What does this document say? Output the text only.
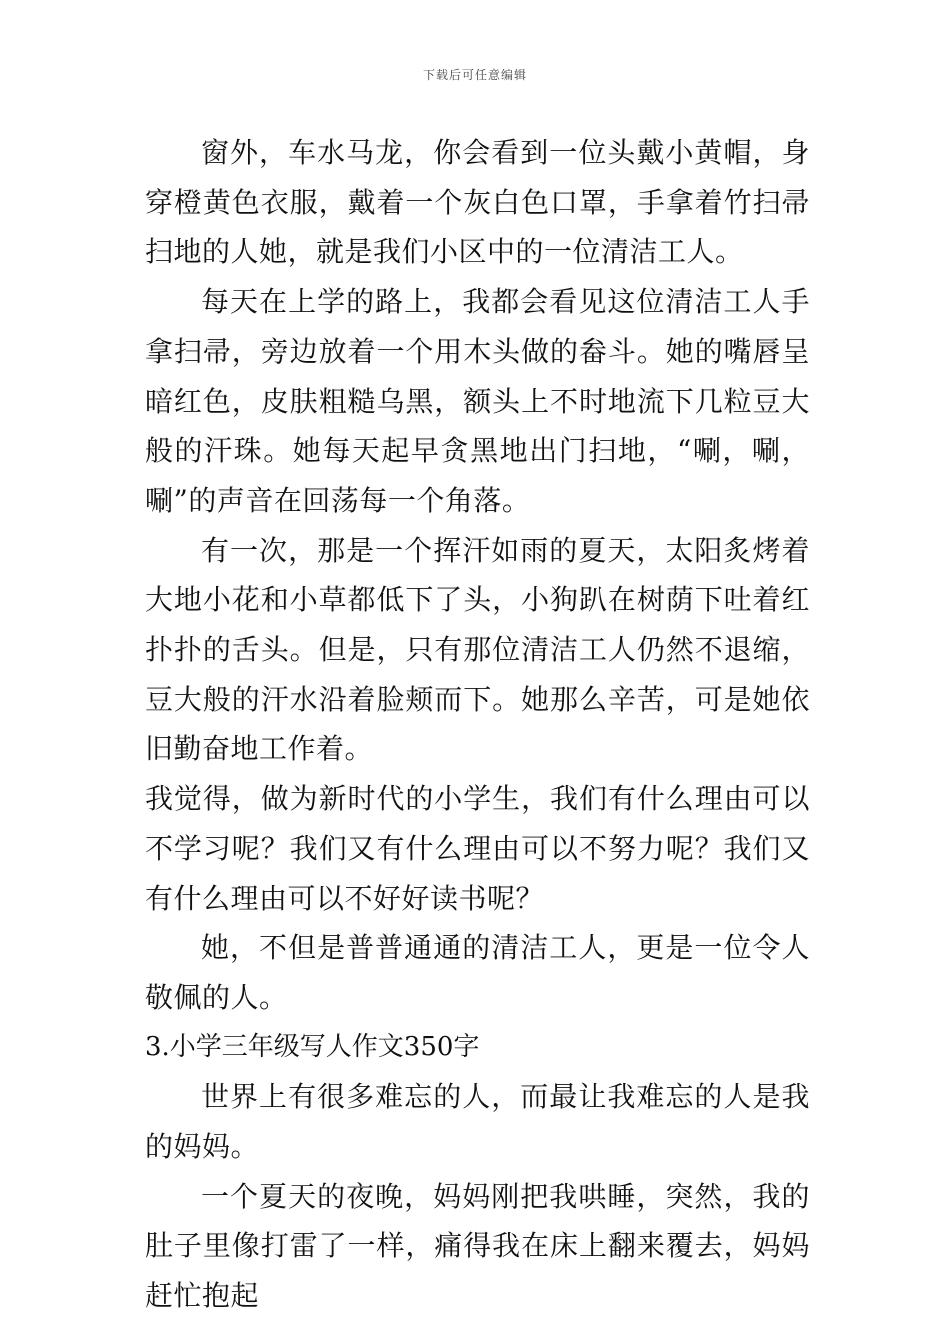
下载后可任意编辑

窗外，车水马龙，你会看到一位头戴小黄帽，身穿橙黄色衣服，戴着一个灰白色口罩，手拿着竹扫帚扫地的人她，就是我们小区中的一位清洁工人。

每天在上学的路上，我都会看见这位清洁工人手拿扫帚，旁边放着一个用木头做的畚斗。她的嘴唇呈暗红色，皮肤粗糙乌黑，额头上不时地流下几粒豆大般的汗珠。她每天起早贪黑地出门扫地，“唰，唰，唰”的声音在回荡每一个角落。

有一次，那是一个挥汗如雨的夏天，太阳炙烤着大地小花和小草都低下了头，小狗趴在树荫下吐着红扑扑的舌头。但是，只有那位清洁工人仍然不退缩，豆大般的汗水沿着脸颊而下。她那么辛苦，可是她依旧勤奋地工作着。

我觉得，做为新时代的小学生，我们有什么理由可以不学习呢？我们又有什么理由可以不努力呢？我们又有什么理由可以不好好读书呢？

她，不但是普普通通的清洁工人，更是一位令人敬佩的人。

3.小学三年级写人作文350字

世界上有很多难忘的人，而最让我难忘的人是我的妈妈。

一个夏天的夜晚，妈妈刚把我哄睡，突然，我的肚子里像打雷了一样，痛得我在床上翻来覆去，妈妈赶忙抱起
